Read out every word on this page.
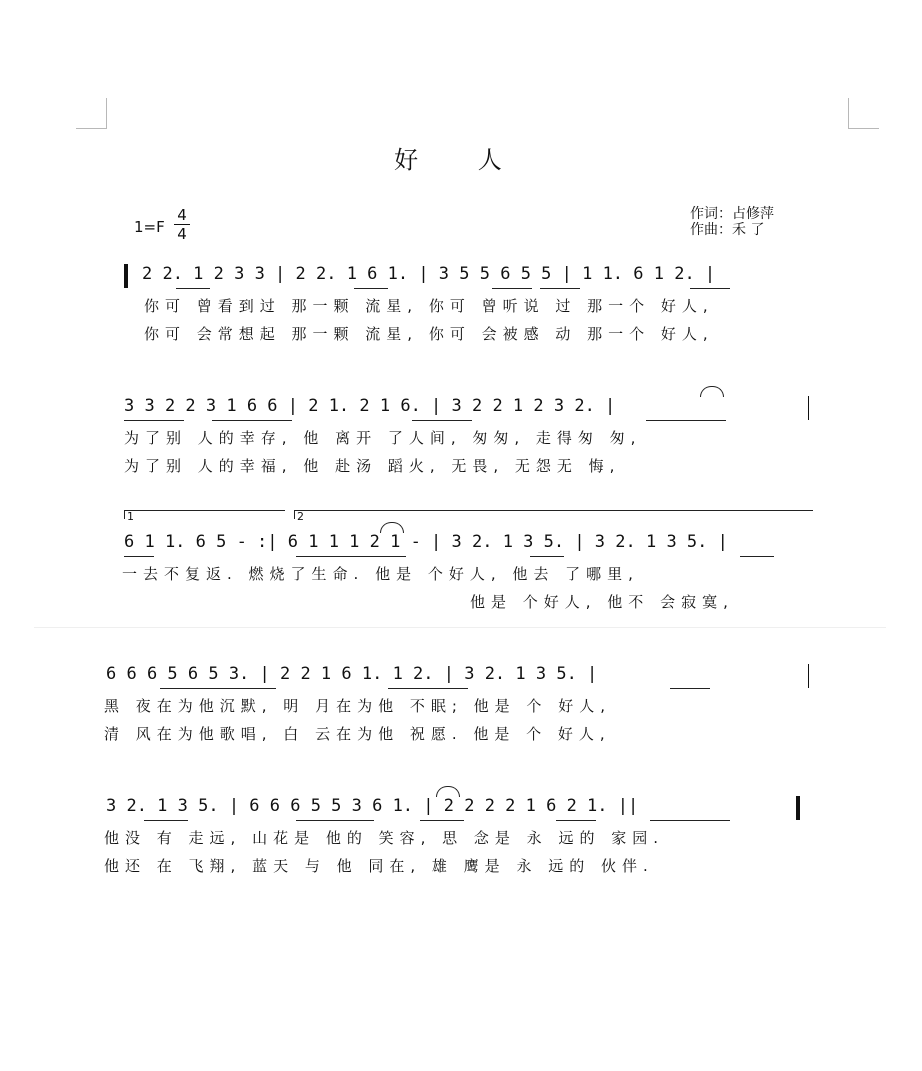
好 人
1=F
4
4
作词：占修萍
作曲：禾 了
2 2. 1 2 3 3 | 2 2. 1 6 1. | 3 5 5 6 5 5 | 1 1. 6 1 2. |
你可 曾看到过 那一颗 流星, 你可 曾听说 过 那一个 好人,
你可 会常想起 那一颗 流星, 你可 会被感 动 那一个 好人,
3 3 2 2 3 1 6 6 | 2 1. 2 1 6. | 3 2 2 1 2 3 2. |
为了别 人的幸存, 他 离开 了人间, 匆匆, 走得匆 匆,
为了别 人的幸福, 他 赴汤 蹈火, 无畏, 无怨无 悔,
1	2
6 1 1. 6 5 - :| 6 1 1 1 2 1 - | 3 2. 1 3 5. | 3 2. 1 3 5. |
一去不复返. 燃烧了生命. 他是 个好人, 他去 了哪里,
他是 个好人, 他不 会寂寞,
6 6 6 5 6 5 3. | 2 2 1 6 1. 1 2. | 3 2. 1 3 5. |
黑 夜在为他沉默, 明 月在为他 不眠; 他是 个 好人,
清 风在为他歌唱, 白 云在为他 祝愿. 他是 个 好人,
3 2. 1 3 5. | 6 6 6 5 5 3 6 1. | 2 2 2 2 1 6 2 1. ||
他没 有 走远, 山花是 他的 笑容, 思 念是 永 远的 家园.
他还 在 飞翔, 蓝天 与 他 同在, 雄 鹰是 永 远的 伙伴.
